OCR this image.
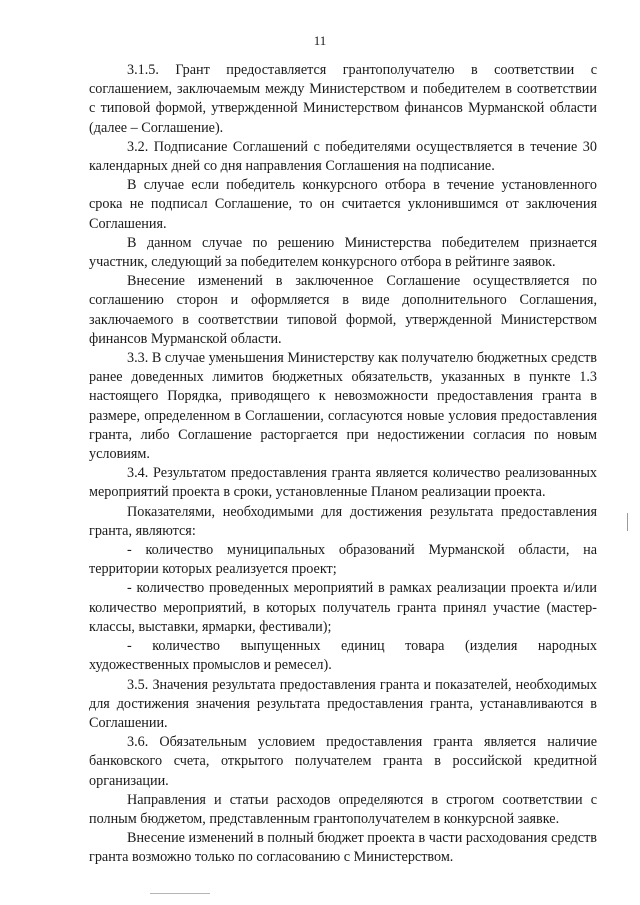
11

3.1.5. Грант предоставляется грантополучателю в соответствии с соглашением, заключаемым между Министерством и победителем в соответствии с типовой формой, утвержденной Министерством финансов Мурманской области (далее – Соглашение).

3.2. Подписание Соглашений с победителями осуществляется в течение 30 календарных дней со дня направления Соглашения на подписание.

В случае если победитель конкурсного отбора в течение установленного срока не подписал Соглашение, то он считается уклонившимся от заключения Соглашения.

В данном случае по решению Министерства победителем признается участник, следующий за победителем конкурсного отбора в рейтинге заявок.

Внесение изменений в заключенное Соглашение осуществляется по соглашению сторон и оформляется в виде дополнительного Соглашения, заключаемого в соответствии типовой формой, утвержденной Министерством финансов Мурманской области.

3.3. В случае уменьшения Министерству как получателю бюджетных средств ранее доведенных лимитов бюджетных обязательств, указанных в пункте 1.3 настоящего Порядка, приводящего к невозможности предоставления гранта в размере, определенном в Соглашении, согласуются новые условия предоставления гранта, либо Соглашение расторгается при недостижении согласия по новым условиям.

3.4. Результатом предоставления гранта является количество реализованных мероприятий проекта в сроки, установленные Планом реализации проекта.

Показателями, необходимыми для достижения результата предоставления гранта, являются:

- количество муниципальных образований Мурманской области, на территории которых реализуется проект;

- количество проведенных мероприятий в рамках реализации проекта и/или количество мероприятий, в которых получатель гранта принял участие (мастер-классы, выставки, ярмарки, фестивали);

- количество выпущенных единиц товара (изделия народных художественных промыслов и ремесел).

3.5. Значения результата предоставления гранта и показателей, необходимых для достижения значения результата предоставления гранта, устанавливаются в Соглашении.

3.6. Обязательным условием предоставления гранта является наличие банковского счета, открытого получателем гранта в российской кредитной организации.

Направления и статьи расходов определяются в строгом соответствии с полным бюджетом, представленным грантополучателем в конкурсной заявке.

Внесение изменений в полный бюджет проекта в части расходования средств гранта возможно только по согласованию с Министерством.
